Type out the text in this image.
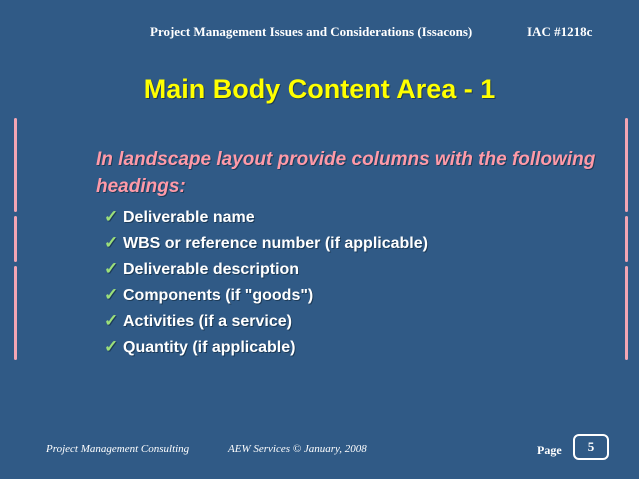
Project Management Issues and Considerations (Issacons)	IAC #1218c
Main Body Content Area - 1
In landscape layout provide columns with the following headings:
✓ Deliverable name
✓ WBS or reference number (if applicable)
✓ Deliverable description
✓ Components (if "goods")
✓ Activities (if a service)
✓ Quantity (if applicable)
Project Management Consulting	AEW Services © January, 2008	Page	5
